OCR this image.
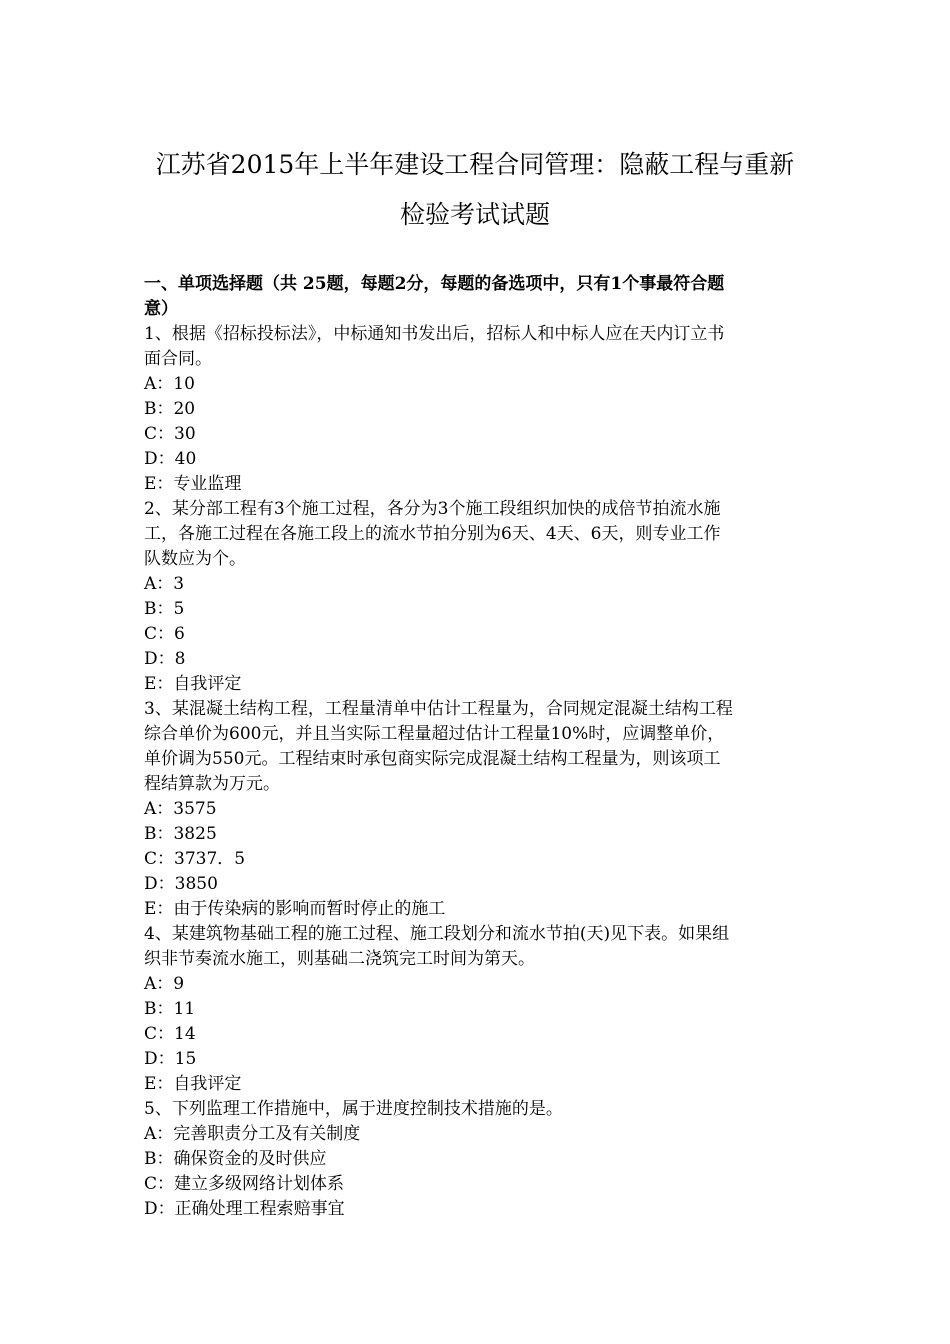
江苏省2015年上半年建设工程合同管理：隐蔽工程与重新
检验考试试题
一、单项选择题（共 25题，每题2分，每题的备选项中，只有1个事最符合题
意）
1、根据《招标投标法》，中标通知书发出后，招标人和中标人应在天内订立书
面合同。
A：10
B：20
C：30
D：40
E：专业监理
2、某分部工程有3个施工过程，各分为3个施工段组织加快的成倍节拍流水施
工，各施工过程在各施工段上的流水节拍分别为6天、4天、6天，则专业工作
队数应为个。
A：3
B：5
C：6
D：8
E：自我评定
3、某混凝土结构工程，工程量清单中估计工程量为，合同规定混凝土结构工程
综合单价为600元，并且当实际工程量超过估计工程量10%时，应调整单价，
单价调为550元。工程结束时承包商实际完成混凝土结构工程量为，则该项工
程结算款为万元。
A：3575
B：3825
C：3737．5
D：3850
E：由于传染病的影响而暂时停止的施工
4、某建筑物基础工程的施工过程、施工段划分和流水节拍(天)见下表。如果组
织非节奏流水施工，则基础二浇筑完工时间为第天。
A：9
B：11
C：14
D：15
E：自我评定
5、下列监理工作措施中，属于进度控制技术措施的是。
A：完善职责分工及有关制度
B：确保资金的及时供应
C：建立多级网络计划体系
D：正确处理工程索赔事宜
